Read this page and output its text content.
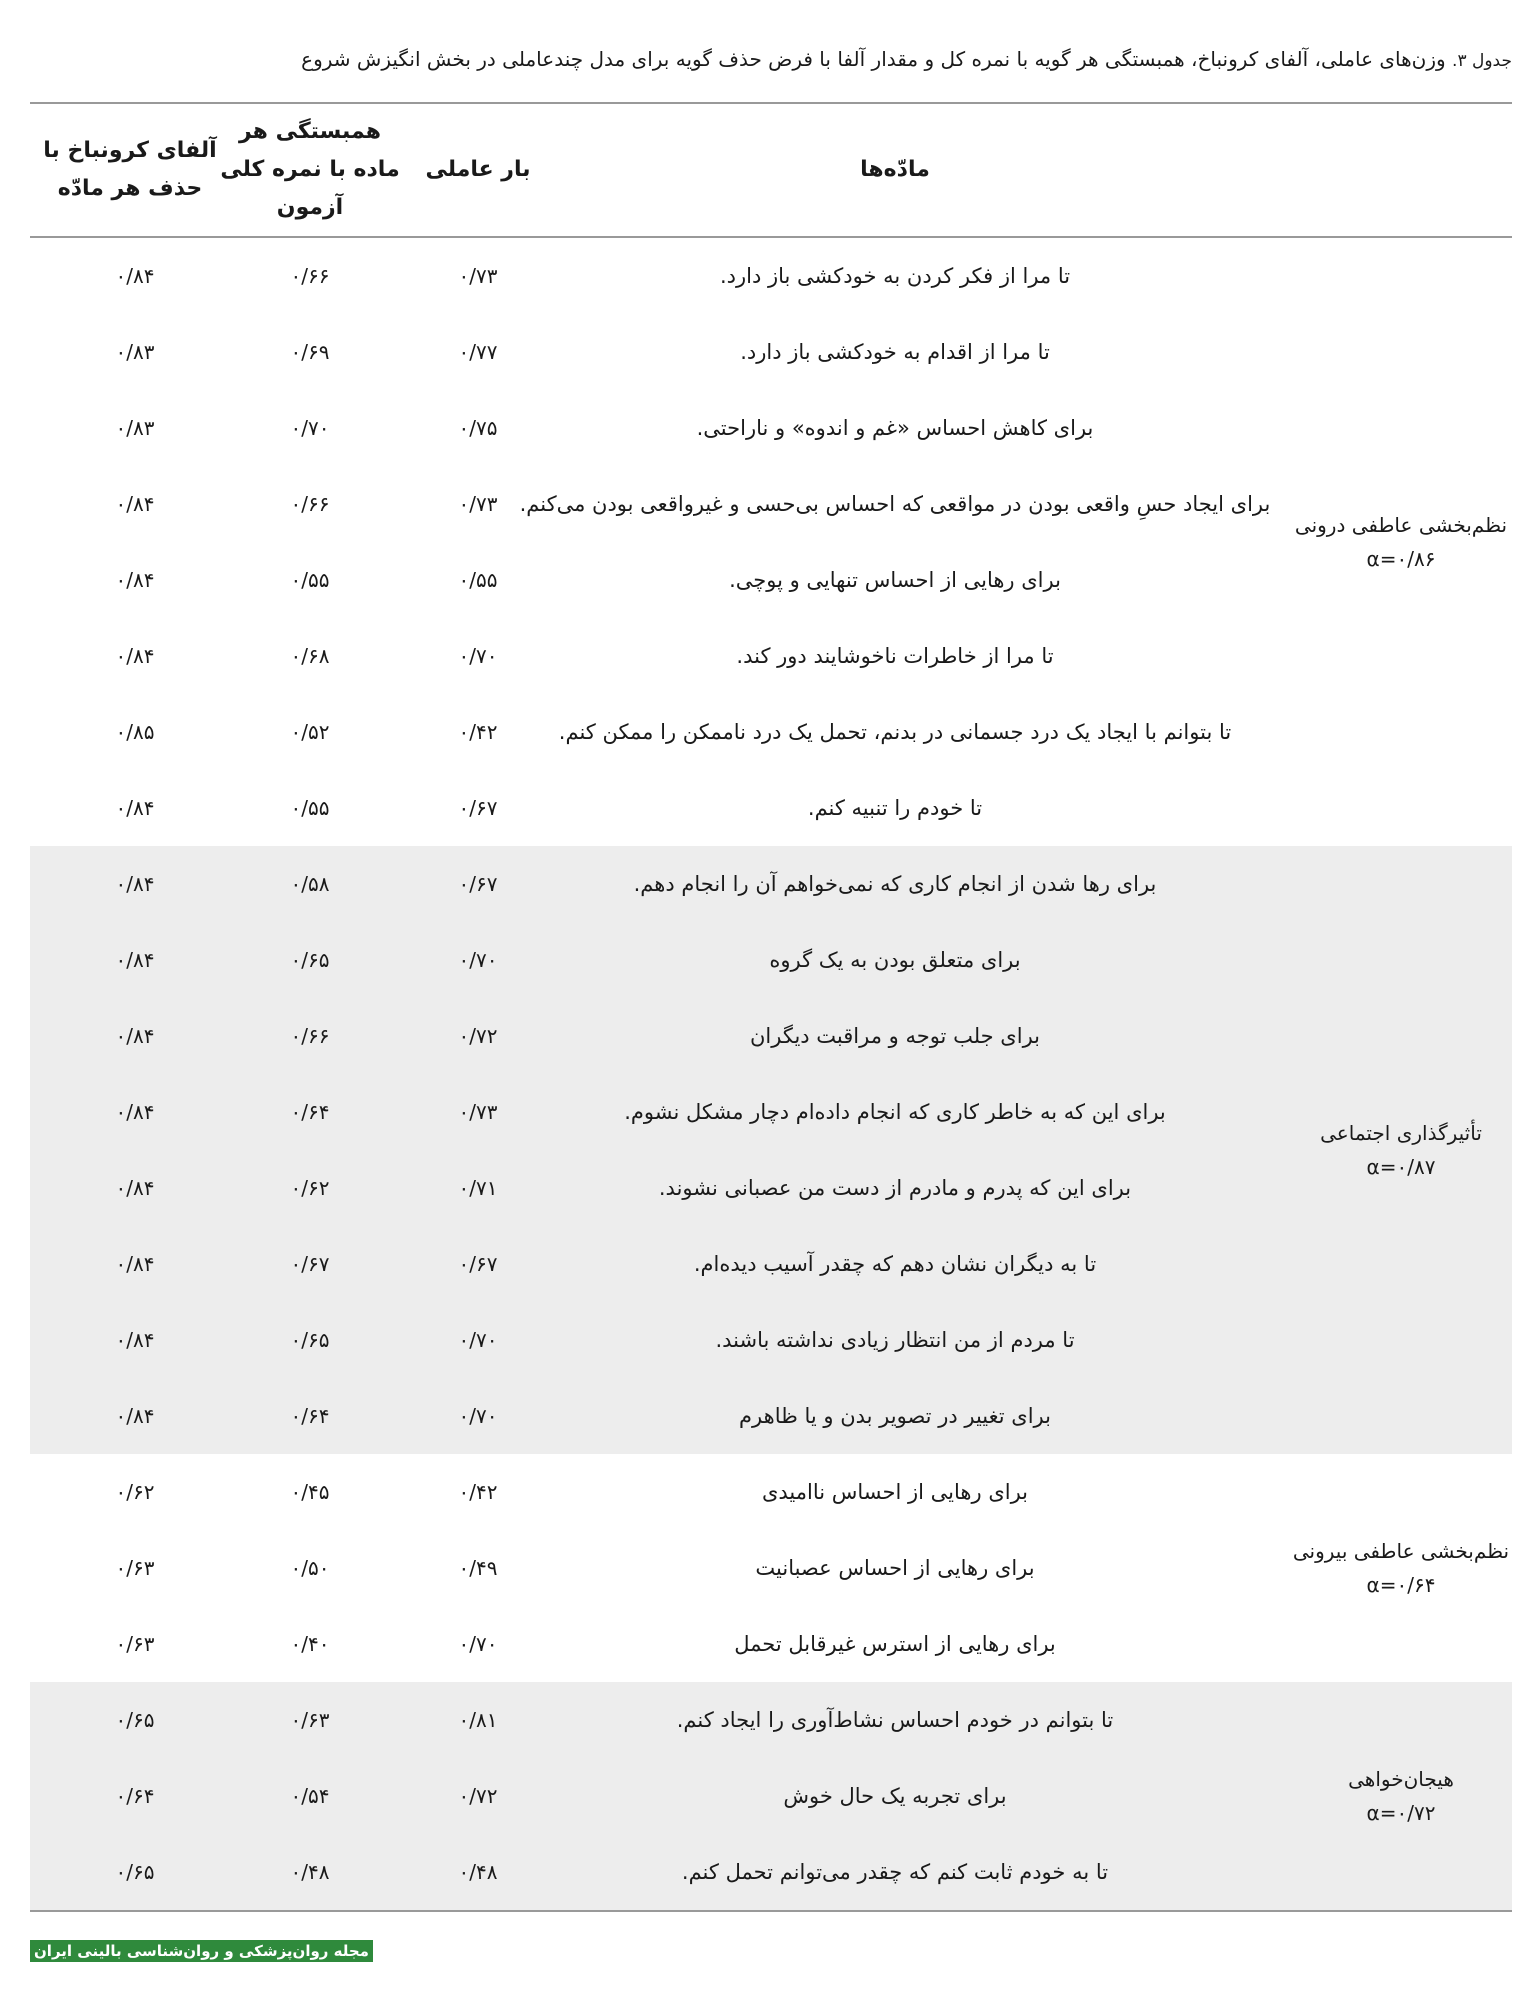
جدول ۳. وزن‌های عاملی، آلفای کرونباخ، همبستگی هر گویه با نمره کل و مقدار آلفا با فرض حذف گویه برای مدل چندعاملی در بخش انگیزش شروع
مادّه‌ها
بار عاملی
همبستگی هر ماده با نمره کلی آزمون
آلفای کرونباخ با حذف هر مادّه
تا مرا از فکر کردن به خودکشی باز دارد.
۰/۷۳
۰/۶۶
۰/۸۴
تا مرا از اقدام به خودکشی باز دارد.
۰/۷۷
۰/۶۹
۰/۸۳
برای کاهش احساس «غم و اندوه» و ناراحتی.
۰/۷۵
۰/۷۰
۰/۸۳
برای ایجاد حسِ واقعی بودن در مواقعی که احساس بی‌حسی و غیرواقعی بودن می‌کنم.
۰/۷۳
۰/۶۶
۰/۸۴
برای رهایی از احساس تنهایی و پوچی.
۰/۵۵
۰/۵۵
۰/۸۴
تا مرا از خاطرات ناخوشایند دور کند.
۰/۷۰
۰/۶۸
۰/۸۴
تا بتوانم با ایجاد یک درد جسمانی در بدنم، تحمل یک درد ناممکن را ممکن کنم.
۰/۴۲
۰/۵۲
۰/۸۵
تا خودم را تنبیه کنم.
۰/۶۷
۰/۵۵
۰/۸۴
نظم‌بخشی عاطفی درونی
α=۰/۸۶
برای رها شدن از انجام کاری که نمی‌خواهم آن را انجام دهم.
۰/۶۷
۰/۵۸
۰/۸۴
برای متعلق بودن به یک گروه
۰/۷۰
۰/۶۵
۰/۸۴
برای جلب توجه و مراقبت دیگران
۰/۷۲
۰/۶۶
۰/۸۴
برای این که به خاطر کاری که انجام داده‌ام دچار مشکل نشوم.
۰/۷۳
۰/۶۴
۰/۸۴
برای این که پدرم و مادرم از دست من عصبانی نشوند.
۰/۷۱
۰/۶۲
۰/۸۴
تا به دیگران نشان دهم که چقدر آسیب دیده‌ام.
۰/۶۷
۰/۶۷
۰/۸۴
تا مردم از من انتظار زیادی نداشته باشند.
۰/۷۰
۰/۶۵
۰/۸۴
برای تغییر در تصویر بدن و یا ظاهرم
۰/۷۰
۰/۶۴
۰/۸۴
تأثیرگذاری اجتماعی
α=۰/۸۷
برای رهایی از احساس ناامیدی
۰/۴۲
۰/۴۵
۰/۶۲
برای رهایی از احساس عصبانیت
۰/۴۹
۰/۵۰
۰/۶۳
برای رهایی از استرس غیرقابل تحمل
۰/۷۰
۰/۴۰
۰/۶۳
نظم‌بخشی عاطفی بیرونی
α=۰/۶۴
تا بتوانم در خودم احساس نشاط‌آوری را ایجاد کنم.
۰/۸۱
۰/۶۳
۰/۶۵
برای تجربه یک حال خوش
۰/۷۲
۰/۵۴
۰/۶۴
تا به خودم ثابت کنم که چقدر می‌توانم تحمل کنم.
۰/۴۸
۰/۴۸
۰/۶۵
هیجان‌خواهی
α=۰/۷۲
مجله روان‌پزشکی و روان‌شناسی بالینی ایران
